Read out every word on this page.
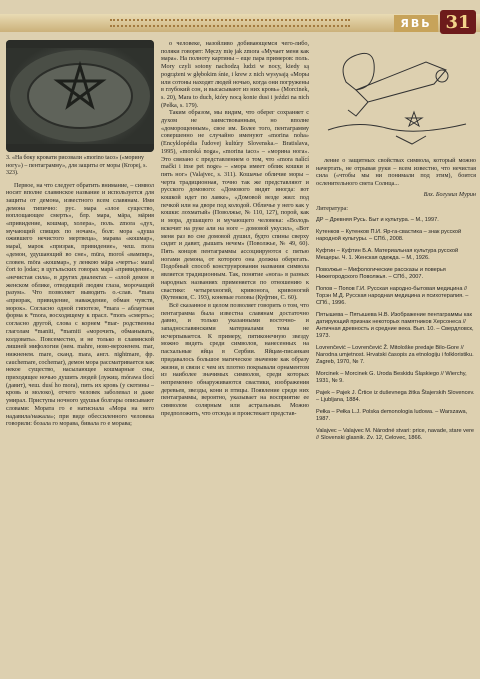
ЯВЬ 31
3. «На боку кровати рисовали «morino taco» («морину ногу») – пентаграмму», для защиты от моры (Кropeį, s. 323).

Первое, на что следует обратить внимание, – символ носит вполне славянское название и используется для защиты от демона, известного всем славянам. Имя демона типично: рус. мара «злое существо, воплощающее смерть», блр. мара, мāра, мāрия «привидение, кошмар, холера», поль. zmora «дух, мучающий спящих по ночам», болг. мора «душа ожившего нечистого мертвеца», марава «кошмар», мараĭ, марок «призрак, привидение», чеш. mora «демон, удушающий во сне», mūra, morоš «вампир», словен. mōra «кошмар», у ленкою мāра «чертъ»: мaraĭ čort to ļodac; в цугъльских говорах марā «привидение», «нечистая сила», в других диалектах – «злой демон в женском облике, отводящий людям глаза, морочащий разум». Что позволяет выводить о.-слав. *mara «призрак, привидение, наваждение, обман чувств, морок». Согласно одной гипотезе, *mara – аблаутная форма к *mora, восходящему к прасл. *morь «смерть»; согласно другой, слова с корнем *mar- родственны глаголам *maniti, *mamiti «морочить, обманывать, колдовать». Повсеместно, и не только в славянской лишней мифологии (нем. mahre, ново-верхненем. mar, нижненем. mare, сканд. mara, англ. nightmare, фр. cauchemare, cochemar), демон мора рассматривается как некое существо, насылающее кошмарные сны, приходящее ночью душить людей (лужиц. mórawa tlocí (давит), чеш. dusí ho mora), пить их кровь (у скотины – кровь и молоко), отчего человек заболевал и даже умирал. Приступы ночного удушья болгары описывают словами: Мората го е натиснала «Мора на него надавила/нажала»; при виде обессиленного человека говорили: бозала го морава, бивала го е морава;

о человеке, назойливо добивающемся чего-либо, поляки говорят: Męczy mię jak zmora «Мучает меня как мара». На полноту картины – еще пара примеров: поль. Mory czyli sotony nachodzą ludzi w nocy, kiedy są pogrążeni w głębokim śnie, i krew z nich wysysają «Моры или сотоны находят людей ночью, когда они погружены в глубокий сон, и высасывают из них кровь» (Morcinek, s. 20), Mara to duch, który nocą konie dusi i jeździ na nich (Pełka, s. 179).

Таким образом, мы видим, что оберег сохраняет с духом не заимствованным, но вполне «доморощенным», свое им. Более того, пентаграмму совершенно не случайно именуют «morina noha» (Encyklopédia ľudovej kultúry Slovenska.– Bratislava, 1995), «morská noga», «morina taco» – «морина нога». Это связано с представлением о том, что «mora nalící mački i inse pet noge» – «мора имеет облик кошки и пять ног» (Valajvec, s. 311). Кошачье обличие моры – черта традиционная, точно так же представляют и русского домового: «Домового видят иногда: вот кошкой идет по лавке», «Домовой везде жил: под печкой или на дворе под колодой. Обличье у него как у кошки: лохматый» (Поволжье, № 110, 127), порой, как и мора, душащего и мучающего человека: «Володь вскочит на руке али на ноге – домовой укусил», «Вот меня раз во сне домовой душил, будто спины сверху сидит и давит, дышать нечем» (Поволжье, № 49, 60). Пять концов пентаграммы ассоциируются с пятью ногами демона, от которого она должна оберегать. Подобный способ конструирования названия символа является традиционным. Так, понятие «нога» в разных народных названиях применяется по отношению к свастике: четырехногий, кривонога, кривоногий (Кутенков, С. 193), коневые головы (Куфтин, С. 60).

Всё сказанное в целом позволяет говорить о том, что пентаграмма была известна славянам достаточно давно, и только указанными восточно- и западнославянскими материалами тема не исчерпывается. К примеру, пятиконечную звезду можно видеть среди символов, нанесенных на пасхальные яйца в Сербии. Яйцам-писанкам придавалось большое магическое значение как образу жизни, в связи с чем их плотно покрывали орнаментом из наиболее значимых символов, среди которых непременно обнаруживаются свастики, изображения деревьев, звезды, кони и птицы. Появление среди них пентаграммы, вероятно, указывает на восприятие ее символом солярным или астральным. Можно предположить, что отсюда и проистекает представ-

ление о защитных свойствах символа, который можно начертать, не отрывая руки – всем известно, что нечистая сила («чтобы мы ни понимали под этим), боится осленительного света Солнца...

Влх. Богумил Мурин
Литература:
ДР – Древняя Русь. Быт и культура. – М., 1997.
Кутенков – Кутенков П.И. Яр-га-свастика – знак русской народной культуры. – СПб., 2008.
Куфтин – Куфтин Б.А. Материальная культура русской Мещеры. Ч. 1. Женская одежда. – М., 1926.
Поволжье – Мифологические рассказы и поверья Нижегородского Поволжья. – СПб., 2007.
Попов – Попов Г.И. Русская народно-бытовая медицина // Торэн М.Д. Русская народная медицина и психотерапия. – СПб., 1996.
Пятышева – Пятышева Н.В. Изображение пентаграммы как датирующий признак некоторых памятников Херсонеса //Античная древность и средние века. Вып. 10. – Свердловск, 1973.
Lovrenčević – Lovrenčević Ž. Mitološke predaje Bilo-Gore // Narodna umjetnost. Hrvatski časopis za etnologiju i folkloristiku. Zagreb, 1970, № 7.
Morcinek – Morcinek G. Uroda Beskidu Śląskiego // Wierchy, 1931, № 9.
Pajek – Pajek J. Črtice iz duševnega žitka Štajerskih Slovencev. – Ljubljana, 1884.
Pełka – Pełka L.J. Polska demonologia ludowa. – Warszawa, 1987.
Valajvec – Valajvec M. Národné stvari: price, navade, stare vere // Slovenski glasnik. Zv. 12, Celovec, 1866.
